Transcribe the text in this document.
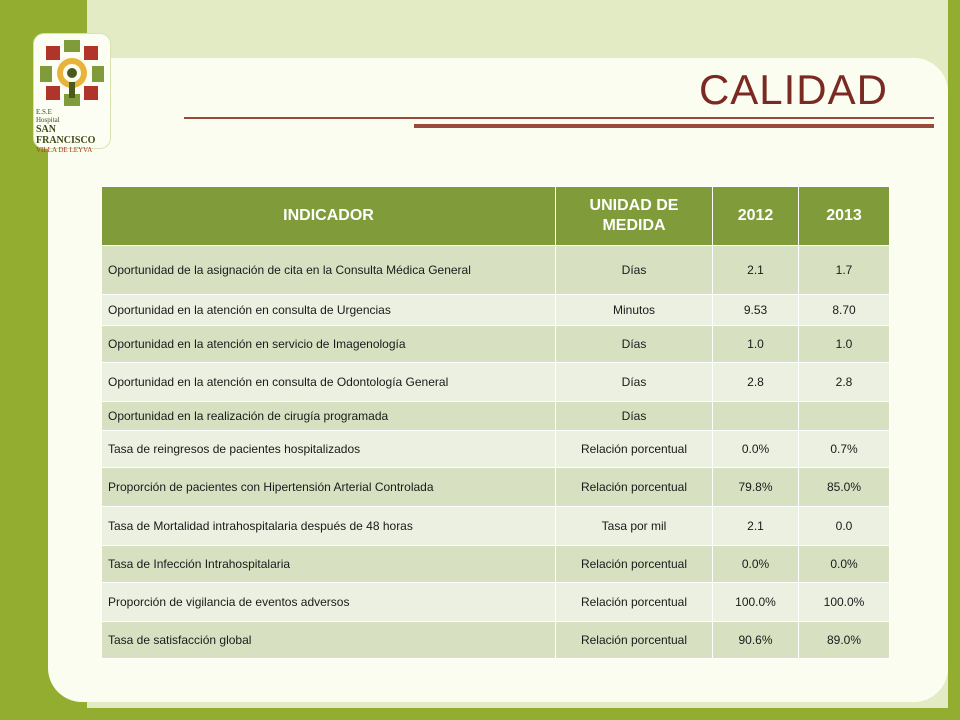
E.S.E
Hospital
SAN FRANCISCO
VILLA DE LEYVA
CALIDAD
INDICADOR	UNIDAD DE MEDIDA	2012	2013
Oportunidad de la asignación de cita en la Consulta Médica General	Días	2.1	1.7
Oportunidad en la atención en consulta de Urgencias	Minutos	9.53	8.70
Oportunidad en la atención en servicio de Imagenología	Días	1.0	1.0
Oportunidad en la atención en consulta de Odontología General	Días	2.8	2.8
Oportunidad en la realización de cirugía programada	Días		
Tasa de reingresos de pacientes hospitalizados	Relación porcentual	0.0%	0.7%
Proporción de pacientes con Hipertensión Arterial Controlada	Relación porcentual	79.8%	85.0%
Tasa de Mortalidad intrahospitalaria después de 48 horas	Tasa por mil	2.1	0.0
Tasa de Infección Intrahospitalaria	Relación porcentual	0.0%	0.0%
Proporción de vigilancia de eventos adversos	Relación porcentual	100.0%	100.0%
Tasa de satisfacción global	Relación porcentual	90.6%	89.0%
